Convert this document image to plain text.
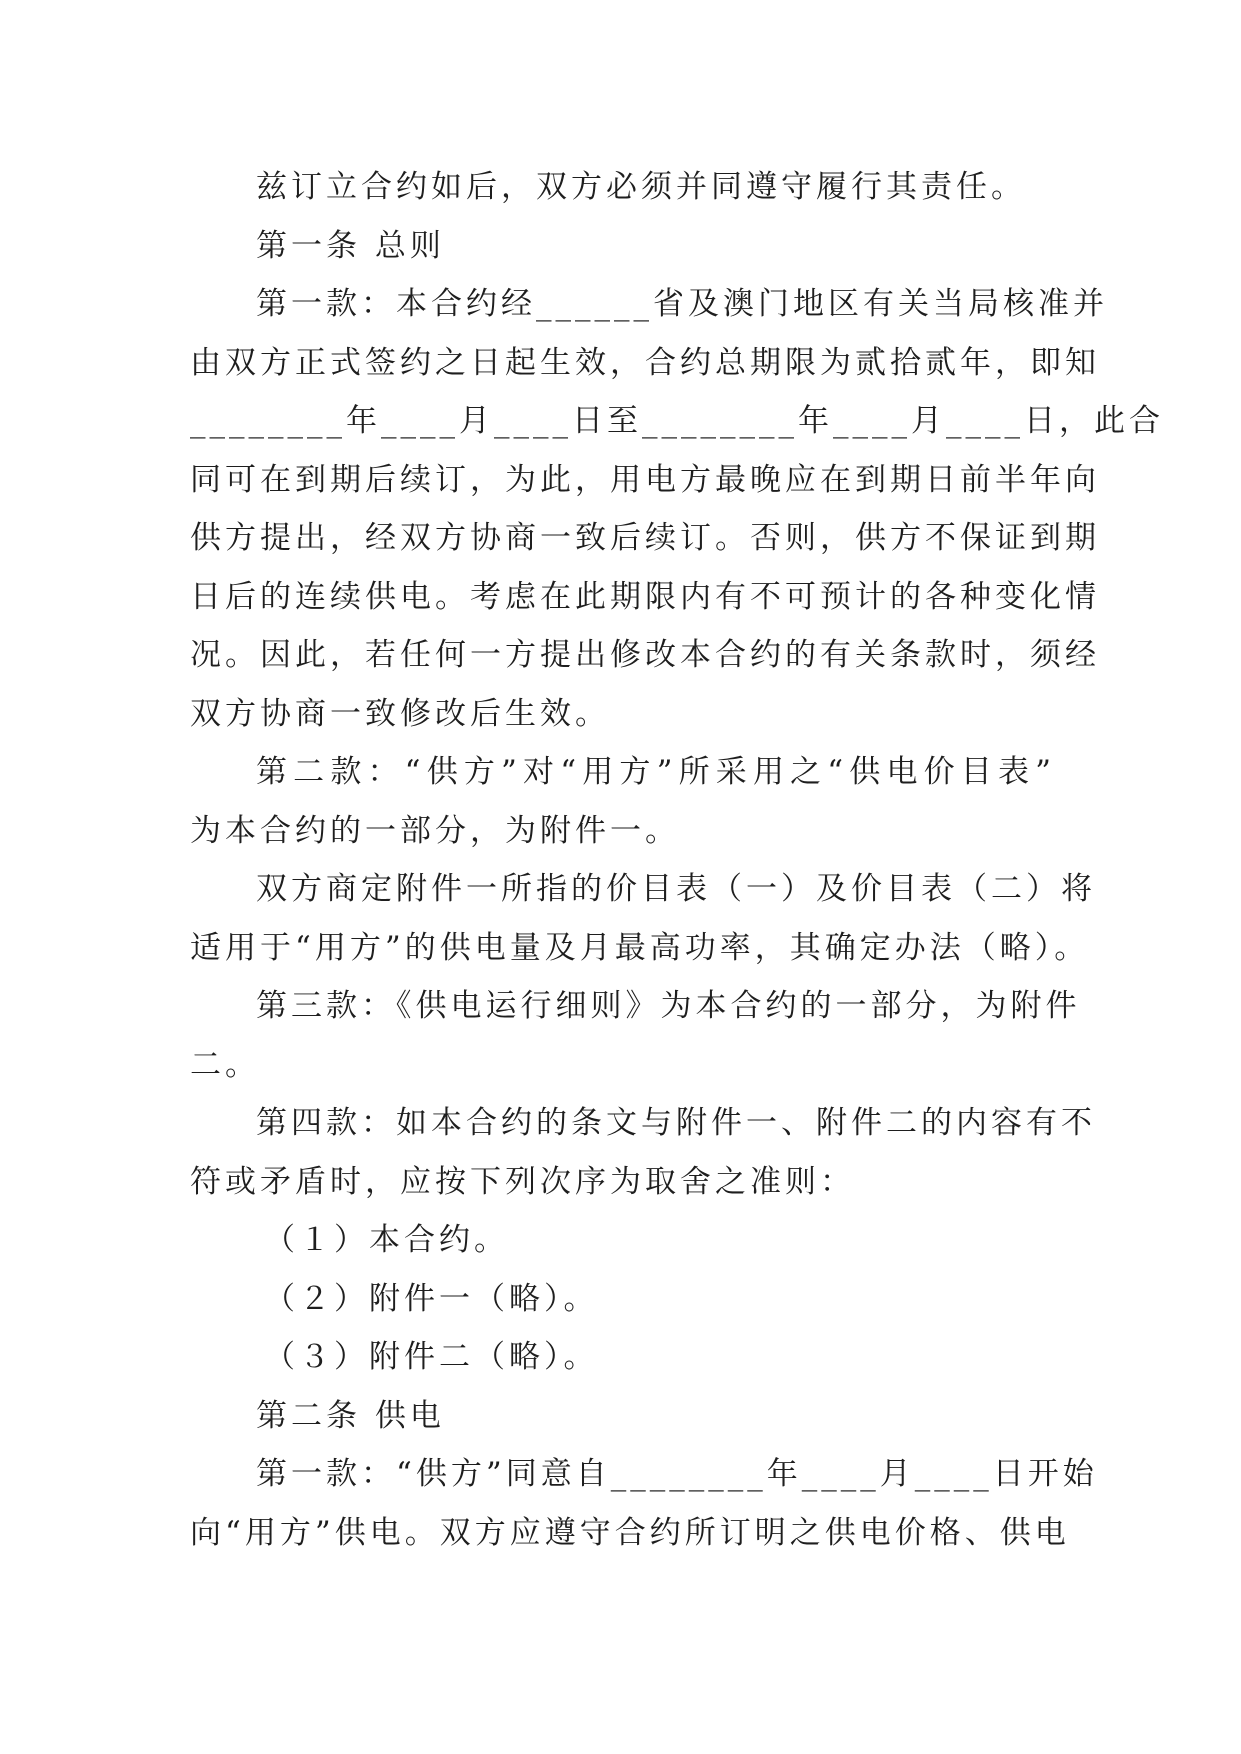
兹订立合约如后，双方必须并同遵守履行其责任。
第一条 总则
第一款：本合约经______省及澳门地区有关当局核准并
由双方正式签约之日起生效，合约总期限为贰拾贰年，即知
________年____月____日至________年____月____日，此合
同可在到期后续订，为此，用电方最晚应在到期日前半年向
供方提出，经双方协商一致后续订。否则，供方不保证到期
日后的连续供电。考虑在此期限内有不可预计的各种变化情
况。因此，若任何一方提出修改本合约的有关条款时，须经
双方协商一致修改后生效。
第二款：“供方”对“用方”所采用之“供电价目表”
为本合约的一部分，为附件一。
双方商定附件一所指的价目表（一）及价目表（二）将
适用于“用方”的供电量及月最高功率，其确定办法（略）。
第三款：《供电运行细则》为本合约的一部分，为附件
二。
第四款：如本合约的条文与附件一、附件二的内容有不
符或矛盾时，应按下列次序为取舍之准则：
（１）本合约。
（２）附件一（略）。
（３）附件二（略）。
第二条 供电
第一款：“供方”同意自________年____月____日开始
向“用方”供电。双方应遵守合约所订明之供电价格、供电
